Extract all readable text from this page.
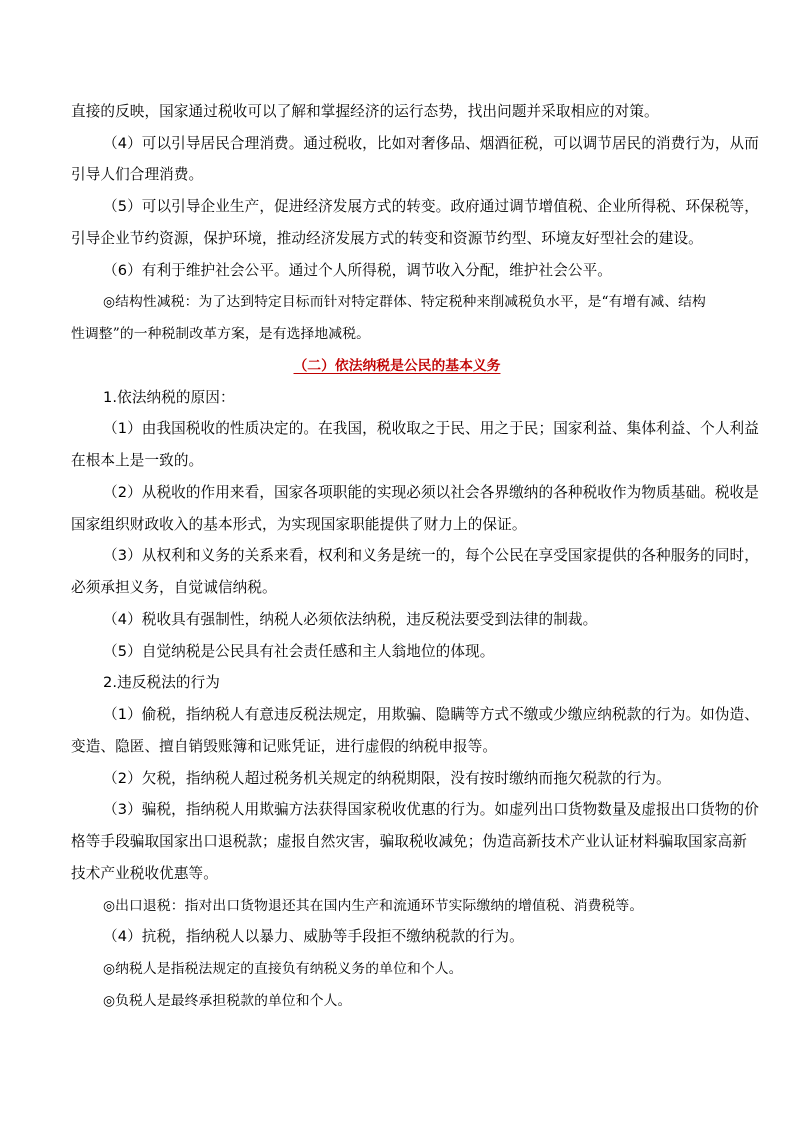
直接的反映，国家通过税收可以了解和掌握经济的运行态势，找出问题并采取相应的对策。
（4）可以引导居民合理消费。通过税收，比如对奢侈品、烟酒征税，可以调节居民的消费行为，从而
引导人们合理消费。
（5）可以引导企业生产，促进经济发展方式的转变。政府通过调节增值税、企业所得税、环保税等，
引导企业节约资源，保护环境，推动经济发展方式的转变和资源节约型、环境友好型社会的建设。
（6）有利于维护社会公平。通过个人所得税，调节收入分配，维护社会公平。
◎结构性减税：为了达到特定目标而针对特定群体、特定税种来削减税负水平，是“有增有减、结构
性调整”的一种税制改革方案，是有选择地减税。
（二）依法纳税是公民的基本义务
1.依法纳税的原因：
（1）由我国税收的性质决定的。在我国，税收取之于民、用之于民；国家利益、集体利益、个人利益
在根本上是一致的。
（2）从税收的作用来看，国家各项职能的实现必须以社会各界缴纳的各种税收作为物质基础。税收是
国家组织财政收入的基本形式，为实现国家职能提供了财力上的保证。
（3）从权利和义务的关系来看，权利和义务是统一的，每个公民在享受国家提供的各种服务的同时，
必须承担义务，自觉诚信纳税。
（4）税收具有强制性，纳税人必须依法纳税，违反税法要受到法律的制裁。
（5）自觉纳税是公民具有社会责任感和主人翁地位的体现。
2.违反税法的行为
（1）偷税，指纳税人有意违反税法规定，用欺骗、隐瞒等方式不缴或少缴应纳税款的行为。如伪造、
变造、隐匿、擅自销毁账簿和记账凭证，进行虚假的纳税申报等。
（2）欠税，指纳税人超过税务机关规定的纳税期限，没有按时缴纳而拖欠税款的行为。
（3）骗税，指纳税人用欺骗方法获得国家税收优惠的行为。如虚列出口货物数量及虚报出口货物的价
格等手段骗取国家出口退税款；虚报自然灾害，骗取税收减免；伪造高新技术产业认证材料骗取国家高新
技术产业税收优惠等。
◎出口退税：指对出口货物退还其在国内生产和流通环节实际缴纳的增值税、消费税等。
（4）抗税，指纳税人以暴力、威胁等手段拒不缴纳税款的行为。
◎纳税人是指税法规定的直接负有纳税义务的单位和个人。
◎负税人是最终承担税款的单位和个人。
